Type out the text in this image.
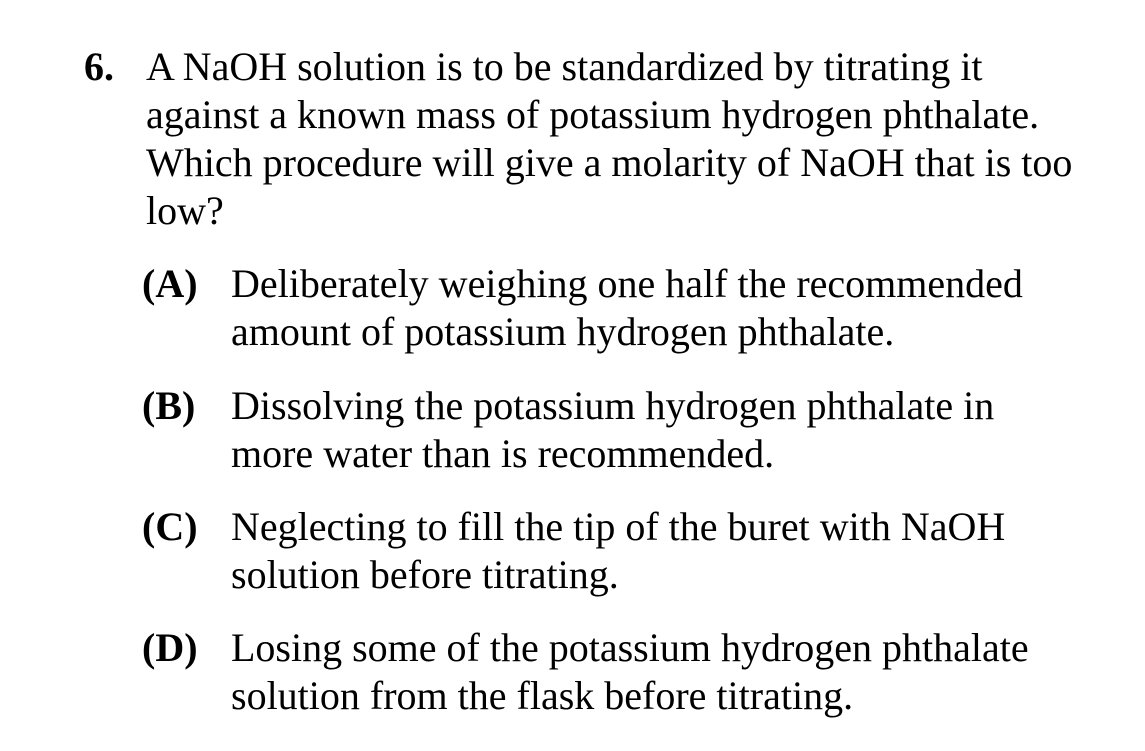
6. A NaOH solution is to be standardized by titrating it
against a known mass of potassium hydrogen phthalate.
Which procedure will give a molarity of NaOH that is too
low?
(A) Deliberately weighing one half the recommended
amount of potassium hydrogen phthalate.
(B) Dissolving the potassium hydrogen phthalate in
more water than is recommended.
(C) Neglecting to fill the tip of the buret with NaOH
solution before titrating.
(D) Losing some of the potassium hydrogen phthalate
solution from the flask before titrating.
